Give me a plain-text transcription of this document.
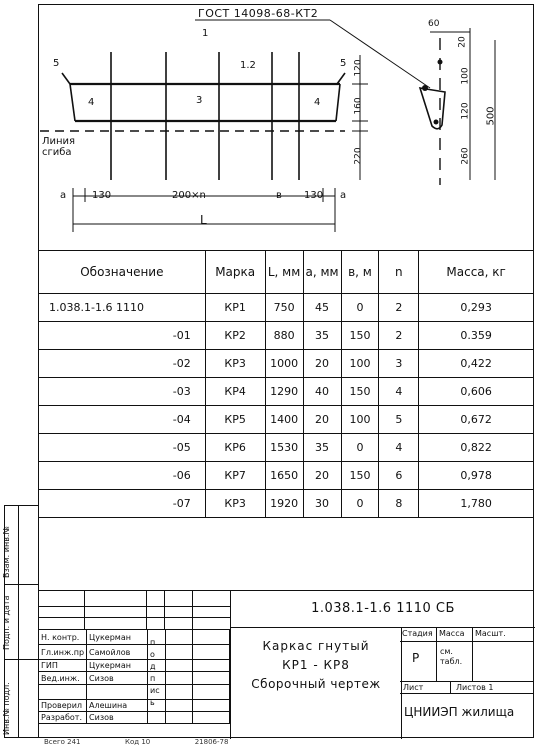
ГОСТ 14098-68-КТ2
1
1.2
3
4	4
5	5
Линия сгиба
a	130	200×n	в 130 a
L
120
160
220
60
20
100
120
260
500
Обозначение	Марка	L, мм	а, мм	в, м	n	Масса, кг
1.038.1-1.6 1110	КР1	750	45	0	2	0,293
-01	КР2	880	35	150	2	0.359
-02	КР3	1000	20	100	3	0,422
-03	КР4	1290	40	150	4	0,606
-04	КР5	1400	20	100	5	0,672
-05	КР6	1530	35	0	4	0,822
-06	КР7	1650	20	150	6	0,978
-07	КР3	1920	30	0	8	1,780
Взам. инв.№
Подп. и дата
Инв.№ подл.
Н. контр.	Цукерман			
Гл.инж.пр	Самойлов			
ГИП	Цукерман			
Вед.инж.	Сизов			

Проверил	Алешина			
Разработ.	Сизов			
подпись
1.038.1-1.6 1110 СБ
Каркас гнутый
КР1 - КР8
Сборочный чертеж
Стадия Масса Масшт.
Р	см. табл.
Лист	Листов 1
ЦНИИЭП жилища
Всего 241                    Код 10                    21806-78
